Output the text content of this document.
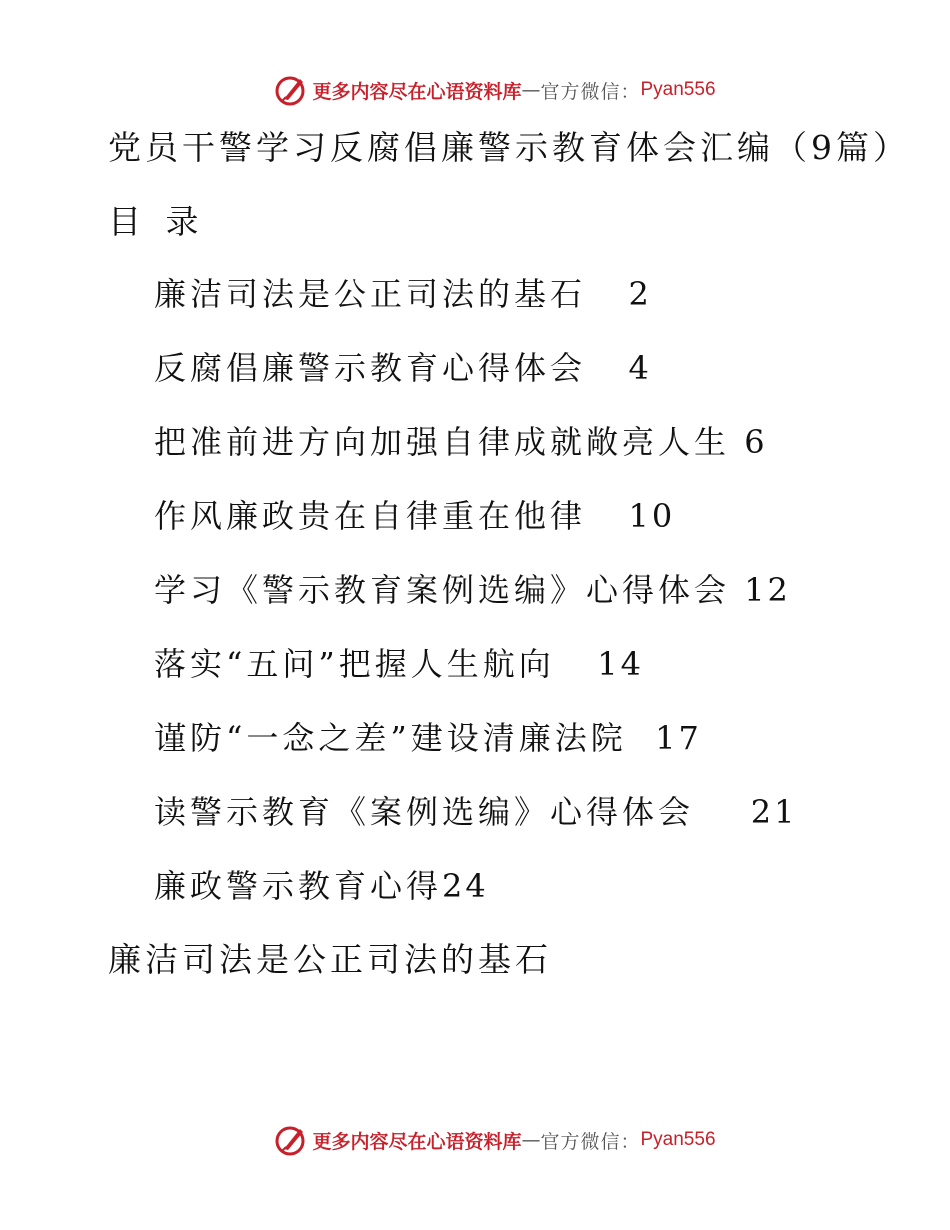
更多内容尽在心语资料库 — 官方微信： Pyan556
党员干警学习反腐倡廉警示教育体会汇编（9篇）
目 录
廉洁司法是公正司法的基石 2
反腐倡廉警示教育心得体会 4
把准前进方向加强自律成就敞亮人生 6
作风廉政贵在自律重在他律 10
学习《警示教育案例选编》心得体会 12
落实“五问”把握人生航向 14
谨防“一念之差”建设清廉法院 17
读警示教育《案例选编》心得体会 21
廉政警示教育心得24
廉洁司法是公正司法的基石
更多内容尽在心语资料库 — 官方微信： Pyan556
